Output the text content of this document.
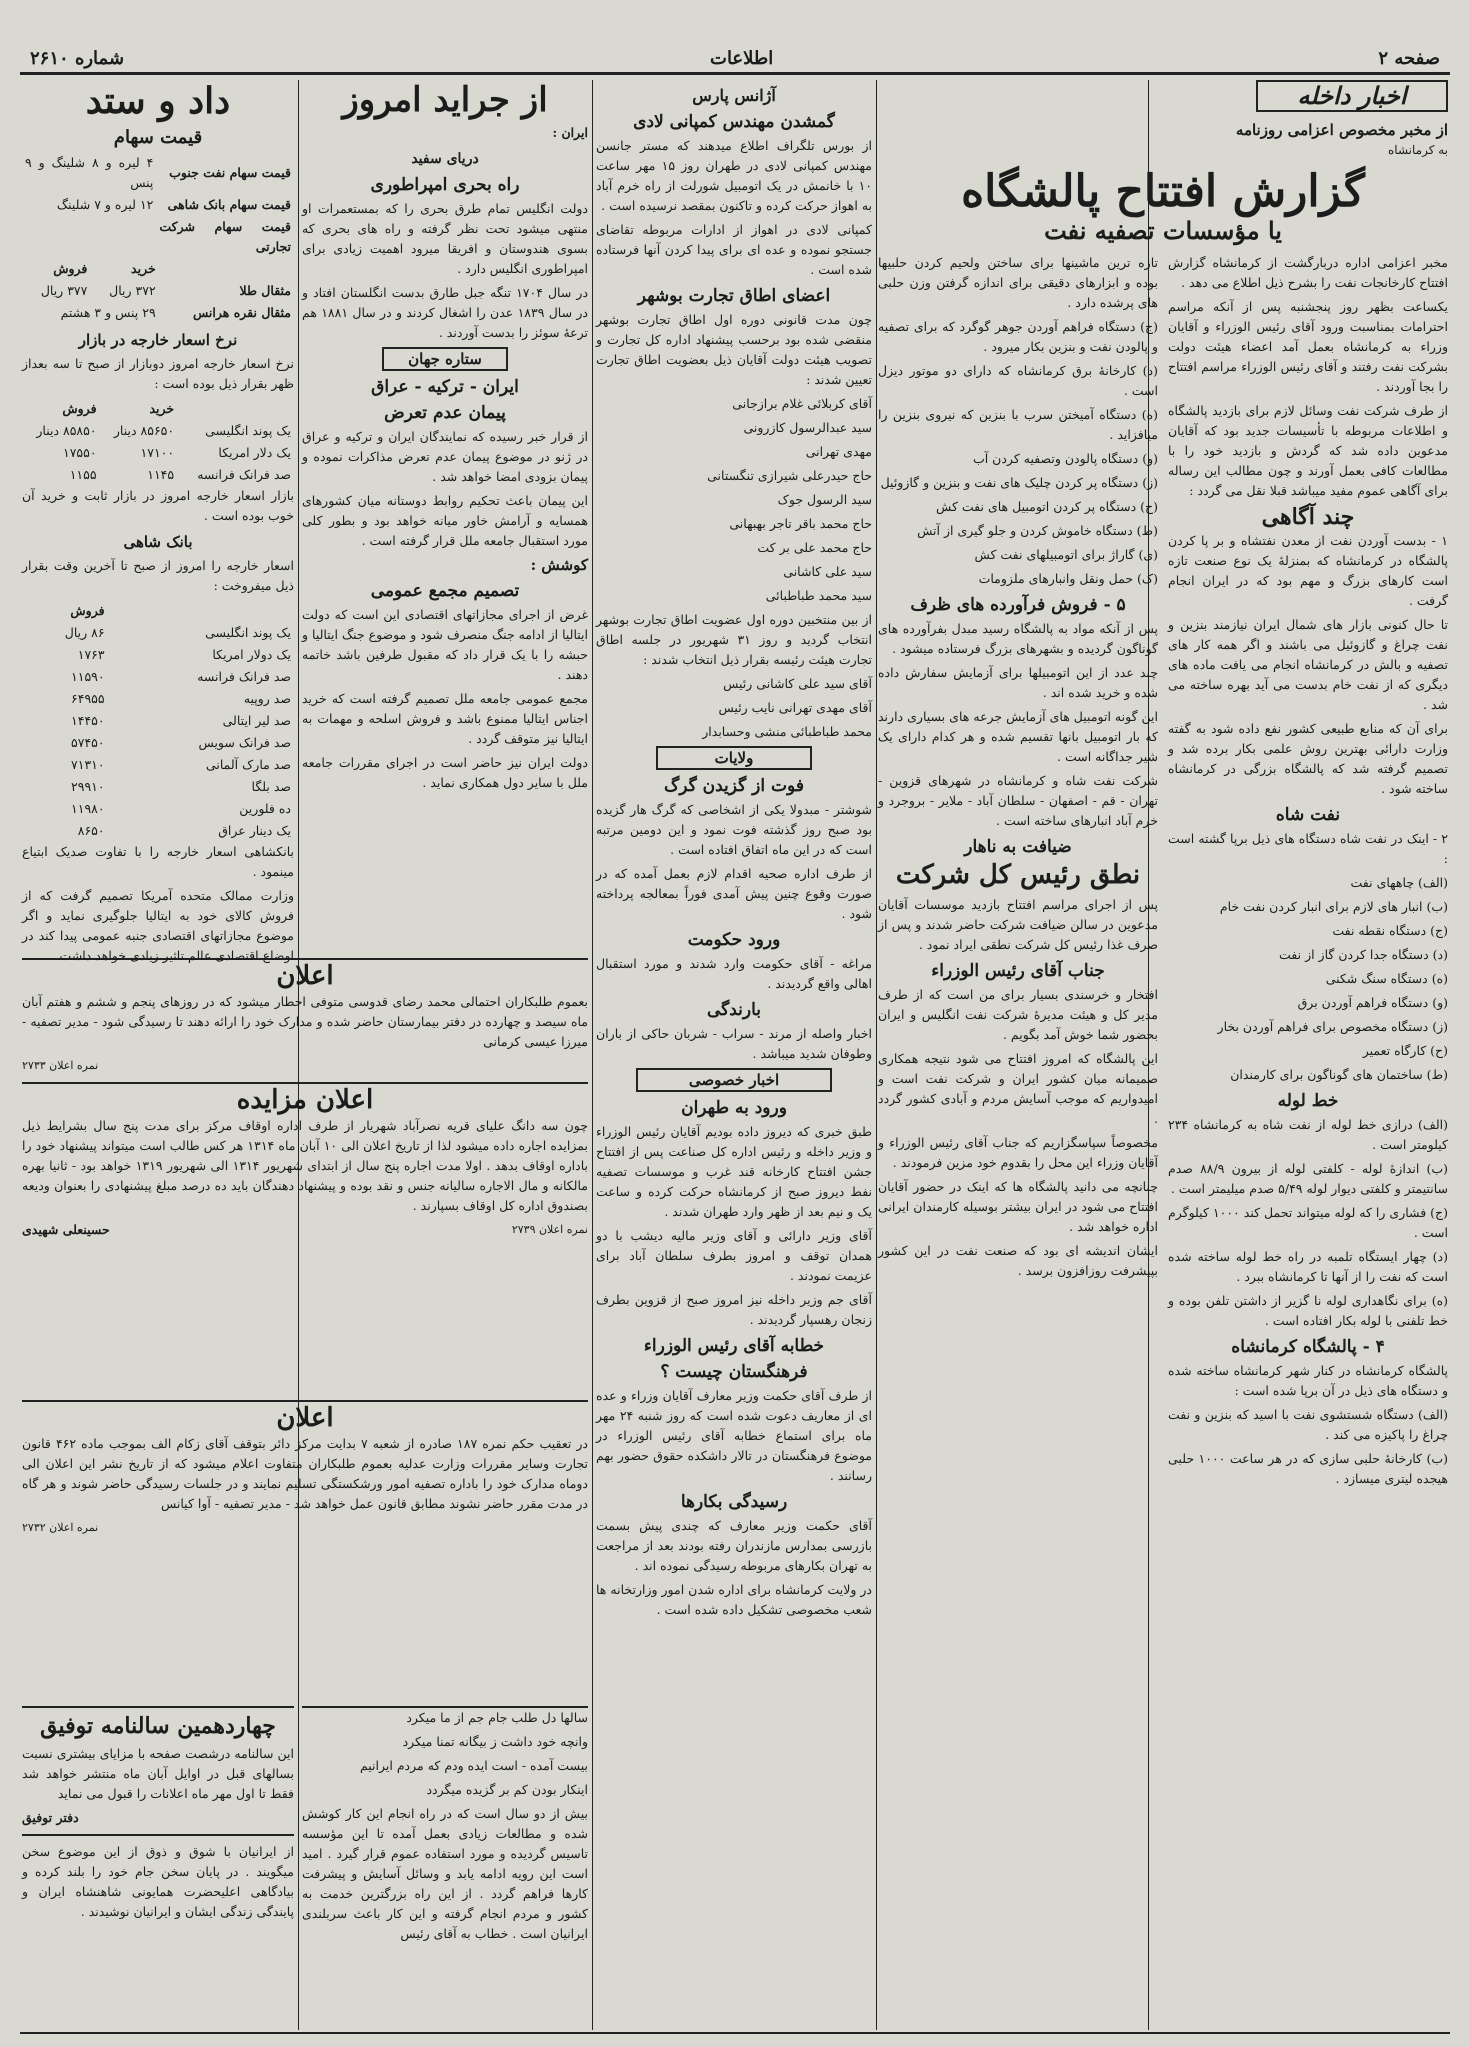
صفحه ۲
اطلاعات
شماره ۲۶۱۰
اخبار داخله
از مخبر مخصوص اعزامی روزنامه
به کرمانشاه
گزارش افتتاح پالشگاه
یا مؤسسات تصفیه نفت

مخبر اعزامی اداره دربارگشت از کرمانشاه گزارش افتتاح کارخانجات نفت را بشرح ذیل اطلاع می دهد .

یکساعت بظهر روز پنجشنبه پس از آنکه مراسم احترامات بمناسبت ورود آقای رئیس الوزراء و آقایان وزراء به کرمانشاه بعمل آمد اعضاء هیئت دولت بشرکت نفت رفتند و آقای رئیس الوزراء مراسم افتتاح را بجا آوردند .

از طرف شرکت نفت وسائل لازم برای بازدید پالشگاه و اطلاعات مربوطه با تأسیسات جدید بود که آقایان مدعوین داده شد که گردش و بازدید خود را با مطالعات کافی بعمل آورند و چون مطالب این رساله برای آگاهی عموم مفید میباشد قبلا نقل می گردد :

چند آگاهی

۱ - بدست آوردن نفت از معدن نفتشاه و بر پا کردن پالشگاه در کرمانشاه که بمنزلهٔ یک نوع صنعت تازه است کارهای بزرگ و مهم بود که در ایران انجام گرفت .

تا حال کنونی بازار های شمال ایران نیازمند بنزین و نفت چراغ و گازوئیل می باشند و اگر همه کار های تصفیه و بالش در کرمانشاه انجام می یافت ماده های دیگری که از نفت خام بدست می آید بهره ساخته می شد .

برای آن که منابع طبیعی کشور نفع داده شود به گفته وزارت دارائی بهترین روش علمی بکار برده شد و تصمیم گرفته شد که پالشگاه بزرگی در کرمانشاه ساخته شود .

نفت شاه

۲ - اینک در نفت شاه دستگاه های ذیل برپا گشته است :

(الف) چاههای نفت

(ب) انبار های لازم برای انبار کردن نفت خام

(ج) دستگاه نقطه نفت

(د) دستگاه جدا کردن گاز از نفت

(ه) دستگاه سنگ شکنی

(و) دستگاه فراهم آوردن برق

(ز) دستگاه مخصوص برای فراهم آوردن بخار

(ح) کارگاه تعمیر

(ط) ساختمان های گوناگون برای کارمندان

خط لوله

(الف) درازی خط لوله از نفت شاه به کرمانشاه ۲۳۴ کیلومتر است .

(ب) اندازهٔ لوله - کلفتی لوله از بیرون ۸۸/۹ صدم سانتیمتر و کلفتی دیوار لوله ۵/۴۹ صدم میلیمتر است .

(ج) فشاری را که لوله میتواند تحمل کند ۱۰۰۰ کیلوگرم است .

(د) چهار ایستگاه تلمبه در راه خط لوله ساخته شده است که نفت را از آنها تا کرمانشاه ببرد .

(ه) برای نگاهداری لوله نا گزیر از داشتن تلفن بوده و خط تلفنی با لوله بکار افتاده است .

۴ - پالشگاه کرمانشاه

پالشگاه کرمانشاه در کنار شهر کرمانشاه ساخته شده و دستگاه های ذیل در آن برپا شده است :

(الف) دستگاه شستشوی نفت با اسید که بنزین و نفت چراغ را پاکیزه می کند .

(ب) کارخانهٔ حلبی سازی که در هر ساعت ۱۰۰۰ حلبی هیجده لیتری میسازد .

تازه ترین ماشینها برای ساختن ولحیم کردن حلبیها بوده و ابزارهای دقیقی برای اندازه گرفتن وزن حلبی های پرشده دارد .

(ج) دستگاه فراهم آوردن جوهر گوگرد که برای تصفیه و پالودن نفت و بنزین بکار میرود .

(د) کارخانهٔ برق کرمانشاه که دارای دو موتور دیزل است .

(ه) دستگاه آمیختن سرب با بنزین که نیروی بنزین را میافزاید .

(و) دستگاه پالودن وتصفیه کردن آب

(ز) دستگاه پر کردن چلیک های نفت و بنزین و گازوئیل

(ح) دستگاه پر کردن اتومبیل های نفت کش

(ط) دستگاه خاموش کردن و جلو گیری از آتش

(ی) گاراژ برای اتومبیلهای نفت کش

(ک) حمل ونقل وانبارهای ملزومات

۵ - فروش فرآورده های ظرف

پس از آنکه مواد به پالشگاه رسید مبدل بفرآورده های گوناگون گردیده و بشهرهای بزرگ فرستاده میشود .

چند عدد از این اتومبیلها برای آزمایش سفارش داده شده و خرید شده اند .

این گونه اتومبیل های آزمایش جرعه های بسیاری دارند که بار اتومبیل بانها تقسیم شده و هر کدام دارای یک شیر جداگانه است .

شرکت نفت شاه و کرمانشاه در شهرهای قزوین - تهران - قم - اصفهان - سلطان آباد - ملایر - بروجرد و خرم آباد انبارهای ساخته است .

ضیافت به ناهار
نطق رئیس کل شرکت

پس از اجرای مراسم افتتاح بازدید موسسات آقایان مدعوین در سالن ضیافت شرکت حاضر شدند و پس از صرف غذا رئیس کل شرکت نطقی ایراد نمود .

جناب آقای رئیس الوزراء

افتخار و خرسندی بسیار برای من است که از طرف مدیر کل و هیئت مدیرهٔ شرکت نفت انگلیس و ایران بحضور شما خوش آمد بگویم .

این پالشگاه که امروز افتتاح می شود نتیجه همکاری صمیمانه میان کشور ایران و شرکت نفت است و امیدواریم که موجب آسایش مردم و آبادی کشور گردد .

مخصوصاً سپاسگزاریم که جناب آقای رئیس الوزراء و آقایان وزراء این محل را بقدوم خود مزین فرمودند .

چنانچه می دانید پالشگاه ها که اینک در حضور آقایان افتتاح می شود در ایران بیشتر بوسیله کارمندان ایرانی اداره خواهد شد .

ایشان اندیشه ای بود که صنعت نفت در این کشور بپیشرفت روزافزون برسد .

آژانس پارس
گمشدن مهندس کمپانی لادی

از بورس تلگراف اطلاع میدهند که مستر جانسن مهندس کمپانی لادی در طهران روز ۱۵ مهر ساعت ۱۰ با خانمش در یک اتومبیل شورلت از راه خرم آباد به اهواز حرکت کرده و تاکنون بمقصد نرسیده است .

کمپانی لادی در اهواز از ادارات مربوطه تقاضای جستجو نموده و عده ای برای پیدا کردن آنها فرستاده شده است .

اعضای اطاق تجارت بوشهر

چون مدت قانونی دوره اول اطاق تجارت بوشهر منقضی شده بود برحسب پیشنهاد اداره کل تجارت و تصویب هیئت دولت آقایان ذیل بعضویت اطاق تجارت تعیین شدند :

آقای کربلائی غلام برازجانی

سید عبدالرسول کازرونی

مهدی تهرانی

حاج حیدرعلی شیرازی تنگستانی

سید الرسول جوک

حاج محمد باقر تاجر بهبهانی

حاج محمد علی بر کت

سید علی کاشانی

سید محمد طباطبائی

از بین منتخبین دوره اول عضویت اطاق تجارت بوشهر انتخاب گردید و روز ۳۱ شهریور در جلسه اطاق تجارت هیئت رئیسه بقرار ذیل انتخاب شدند :

آقای سید علی کاشانی رئیس

آقای مهدی تهرانی نایب رئیس

محمد طباطبائی منشی وحسابدار

ولایات
فوت از گزیدن گرگ

شوشتر - مبدولا یکی از اشخاصی که گرگ هار گزیده بود صبح روز گذشته فوت نمود و این دومین مرتبه است که در این ماه اتفاق افتاده است .

از طرف اداره صحیه اقدام لازم بعمل آمده که در صورت وقوع چنین پیش آمدی فوراً بمعالجه پرداخته شود .

ورود حکومت

مراغه - آقای حکومت وارد شدند و مورد استقبال اهالی واقع گردیدند .

بارندگی

اخبار واصله از مرند - سراب - شربان حاکی از باران وطوفان شدید میباشد .

اخبار خصوصی
ورود به طهران

طبق خبری که دیروز داده بودیم آقایان رئیس الوزراء و وزیر داخله و رئیس اداره کل صناعت پس از افتتاح جشن افتتاح کارخانه قند غرب و موسسات تصفیه نفط دیروز صبح از کرمانشاه حرکت کرده و ساعت یک و نیم بعد از ظهر وارد طهران شدند .

آقای وزیر دارائی و آقای وزیر مالیه دیشب با دو همدان توقف و امروز بطرف سلطان آباد برای عزیمت نمودند .

آقای جم وزیر داخله نیز امروز صبح از قزوین بطرف زنجان رهسپار گردیدند .

خطابه آقای رئیس الوزراء
فرهنگستان چیست ؟

از طرف آقای حکمت وزیر معارف آقایان وزراء و عده ای از معاریف دعوت شده است که روز شنبه ۲۴ مهر ماه برای استماع خطابه آقای رئیس الوزراء در موضوع فرهنگستان در تالار داشکده حقوق حضور بهم رسانند .

رسیدگی بکارها

آقای حکمت وزیر معارف که چندی پیش بسمت بازرسی بمدارس مازندران رفته بودند بعد از مراجعت به تهران بکارهای مربوطه رسیدگی نموده اند .

در ولایت کرمانشاه برای اداره شدن امور وزارتخانه ها شعب مخصوصی تشکیل داده شده است .

از جراید امروز
ایران :
دریای سفید
راه بحری امپراطوری

دولت انگلیس تمام طرق بحری را که بمستعمرات او منتهی میشود تحت نظر گرفته و راه های بحری که بسوی هندوستان و افریقا میرود اهمیت زیادی برای امپراطوری انگلیس دارد .

در سال ۱۷۰۴ تنگه جبل طارق بدست انگلستان افتاد و در سال ۱۸۳۹ عدن را اشغال کردند و در سال ۱۸۸۱ هم ترعهٔ سوئز را بدست آوردند .

ستاره جهان
ایران - ترکیه - عراق
پیمان عدم تعرض

از قرار خبر رسیده که نمایندگان ایران و ترکیه و عراق در ژنو در موضوع پیمان عدم تعرض مذاکرات نموده و پیمان بزودی امضا خواهد شد .

این پیمان باعث تحکیم روابط دوستانه میان کشورهای همسایه و آرامش خاور میانه خواهد بود و بطور کلی مورد استقبال جامعه ملل قرار گرفته است .

کوشش :
تصمیم مجمع عمومی

غرض از اجرای مجازاتهای اقتصادی این است که دولت ایتالیا از ادامه جنگ منصرف شود و موضوع جنگ ایتالیا و حبشه را با یک قرار داد که مقبول طرفین باشد خاتمه دهند .

مجمع عمومی جامعه ملل تصمیم گرفته است که خرید اجناس ایتالیا ممنوع باشد و فروش اسلحه و مهمات به ایتالیا نیز متوقف گردد .

دولت ایران نیز حاضر است در اجرای مقررات جامعه ملل با سایر دول همکاری نماید .

اعلان

بعموم طلبکاران احتمالی محمد رضای قدوسی متوفی اخطار میشود که در روزهای پنجم و ششم و هفتم آبان ماه سیصد و چهارده در دفتر بیمارستان حاضر شده و مدارک خود را ارائه دهند تا رسیدگی شود - مدیر تصفیه - میرزا عیسی کرمانی

نمره اعلان ۲۷۳۳
اعلان مزایده

چون سه دانگ علیای قریه نصرآباد شهریار از طرف اداره اوقاف مرکز برای مدت پنج سال بشرایط ذیل بمزایده اجاره داده میشود لذا از تاریخ اعلان الی ۱۰ آبان ماه ۱۳۱۴ هر کس طالب است میتواند پیشنهاد خود را باداره اوقاف بدهد . اولا مدت اجاره پنج سال از ابتدای شهریور ۱۳۱۴ الی شهریور ۱۳۱۹ خواهد بود - ثانیا بهره مالکانه و مال الاجاره سالیانه جنس و نقد بوده و پیشنهاد دهندگان باید ده درصد مبلغ پیشنهادی را بعنوان ودیعه بصندوق اداره کل اوقاف بسپارند .

نمره اعلان ۲۷۳۹
حسینعلی شهیدی
اعلان

در تعقیب حکم نمره ۱۸۷ صادره از شعبه ۷ بدایت مرکز دائر بتوقف آقای زکام الف بموجب ماده ۴۶۲ قانون تجارت وسایر مقررات وزارت عدلیه بعموم طلبکاران متفاوت اعلام میشود که از تاریخ نشر این اعلان الی دوماه مدارک خود را باداره تصفیه امور ورشکستگی تسلیم نمایند و در جلسات رسیدگی حاضر شوند و هر گاه در مدت مقرر حاضر نشوند مطابق قانون عمل خواهد شد - مدیر تصفیه - آوا کیانس

نمره اعلان ۲۷۳۲

سالها دل طلب جام جم از ما میکرد

وانچه خود داشت ز بیگانه تمنا میکرد

بیست آمده - است ایده ودم که مردم ایرانیم

اینکار بودن کم بر گزیده میگردد

بیش از دو سال است که در راه انجام این کار کوشش شده و مطالعات زیادی بعمل آمده تا این مؤسسه تاسیس گردیده و مورد استفاده عموم قرار گیرد . امید است این رویه ادامه یابد و وسائل آسایش و پیشرفت کارها فراهم گردد . از این راه بزرگترین خدمت به کشور و مردم انجام گرفته و این کار باعث سربلندی ایرانیان است . خطاب به آقای رئیس

داد و ستد
قیمت سهام
قیمت سهام نفت جنوب	۴ لیره و ۸ شلینگ و ۹ پنس
قیمت سهام بانک شاهی	۱۲ لیره و ۷ شلینگ
قیمت سهام شرکت تجارتی	
	خرید	فروش
مثقال طلا	۳۷۲ ریال	۳۷۷ ریال
مثقال نقره هرانس	۲۹ پنس و ۳ هشتم	
نرخ اسعار خارجه در بازار

نرخ اسعار خارجه امروز دوبازار از صبح تا سه بعداز ظهر بقرار ذیل بوده است :

	خرید	فروش
یک پوند انگلیسی	۸۵۶۵۰ دینار	۸۵۸۵۰ دینار
یک دلار امریکا	۱۷۱۰۰	۱۷۵۵۰
صد فرانک فرانسه	۱۱۴۵	۱۱۵۵

بازار اسعار خارجه امروز در بازار ثابت و خرید آن خوب بوده است .

بانک شاهی

اسعار خارجه را امروز از صبح تا آخرین وقت بقرار ذیل میفروخت :

	فروش
یک پوند انگلیسی	۸۶ ریال
یک دولار امریکا	۱۷۶۳
صد فرانک فرانسه	۱۱۵۹۰
صد روپیه	۶۴۹۵۵
صد لیر ایتالی	۱۴۴۵۰
صد فرانک سویس	۵۷۴۵۰
صد مارک آلمانی	۷۱۳۱۰
صد بلگا	۲۹۹۱۰
ده فلورین	۱۱۹۸۰
یک دینار عراق	۸۶۵۰

بانکشاهی اسعار خارجه را با تفاوت صدیک ابتیاع مینمود .

وزارت ممالک متحده آمریکا تصمیم گرفت که از فروش کالای خود به ایتالیا جلوگیری نماید و اگر موضوع مجازاتهای اقتصادی جنبه عمومی پیدا کند در اوضاع اقتصادی عالم تاثیر زیادی خواهد داشت .

چهاردهمین سالنامه توفیق

این سالنامه درشصت صفحه با مزایای بیشتری نسبت بسالهای قبل در اوایل آبان ماه منتشر خواهد شد فقط تا اول مهر ماه اعلانات را قبول می نماید

دفتر توفیق

از ایرانیان با شوق و ذوق از این موضوع سخن میگویند . در پایان سخن جام خود را بلند کرده و بیادگاهی اعلیحضرت همایونی شاهنشاه ایران و پایندگی زندگی ایشان و ایرانیان نوشیدند .
